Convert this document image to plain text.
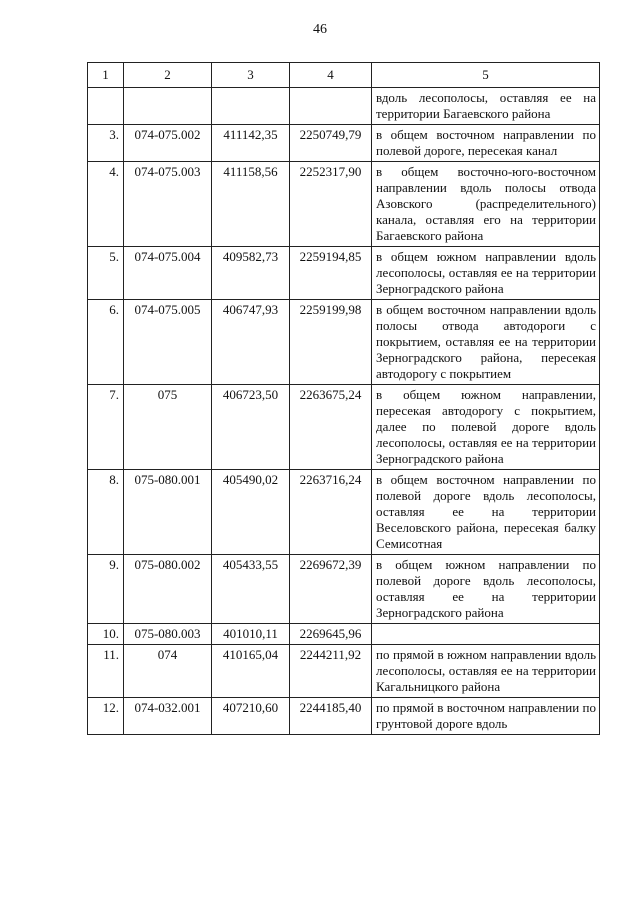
46
1	2	3	4	5
				вдоль лесополосы, оставляя ее на территории Багаевского района
3.	074-075.002	411142,35	2250749,79	в общем восточном направлении по полевой дороге, пересекая канал
4.	074-075.003	411158,56	2252317,90	в общем восточно-юго-восточном направлении вдоль полосы отвода Азовского (распределительного) канала, оставляя его на территории Багаевского района
5.	074-075.004	409582,73	2259194,85	в общем южном направлении вдоль лесополосы, оставляя ее на территории Зерноградского района
6.	074-075.005	406747,93	2259199,98	в общем восточном направлении вдоль полосы отвода автодороги с покрытием, оставляя ее на территории Зерноградского района, пересекая автодорогу с покрытием
7.	075	406723,50	2263675,24	в общем южном направлении, пересекая автодорогу с покрытием, далее по полевой дороге вдоль лесополосы, оставляя ее на территории Зерноградского района
8.	075-080.001	405490,02	2263716,24	в общем восточном направлении по полевой дороге вдоль лесополосы, оставляя ее на территории Веселовского района, пересекая балку Семисотная
9.	075-080.002	405433,55	2269672,39	в общем южном направлении по полевой дороге вдоль лесополосы, оставляя ее на территории Зерноградского района
10.	075-080.003	401010,11	2269645,96	
11.	074	410165,04	2244211,92	по прямой в южном направлении вдоль лесополосы, оставляя ее на территории Кагальницкого района
12.	074-032.001	407210,60	2244185,40	по прямой в восточном направлении по грунтовой дороге вдоль
